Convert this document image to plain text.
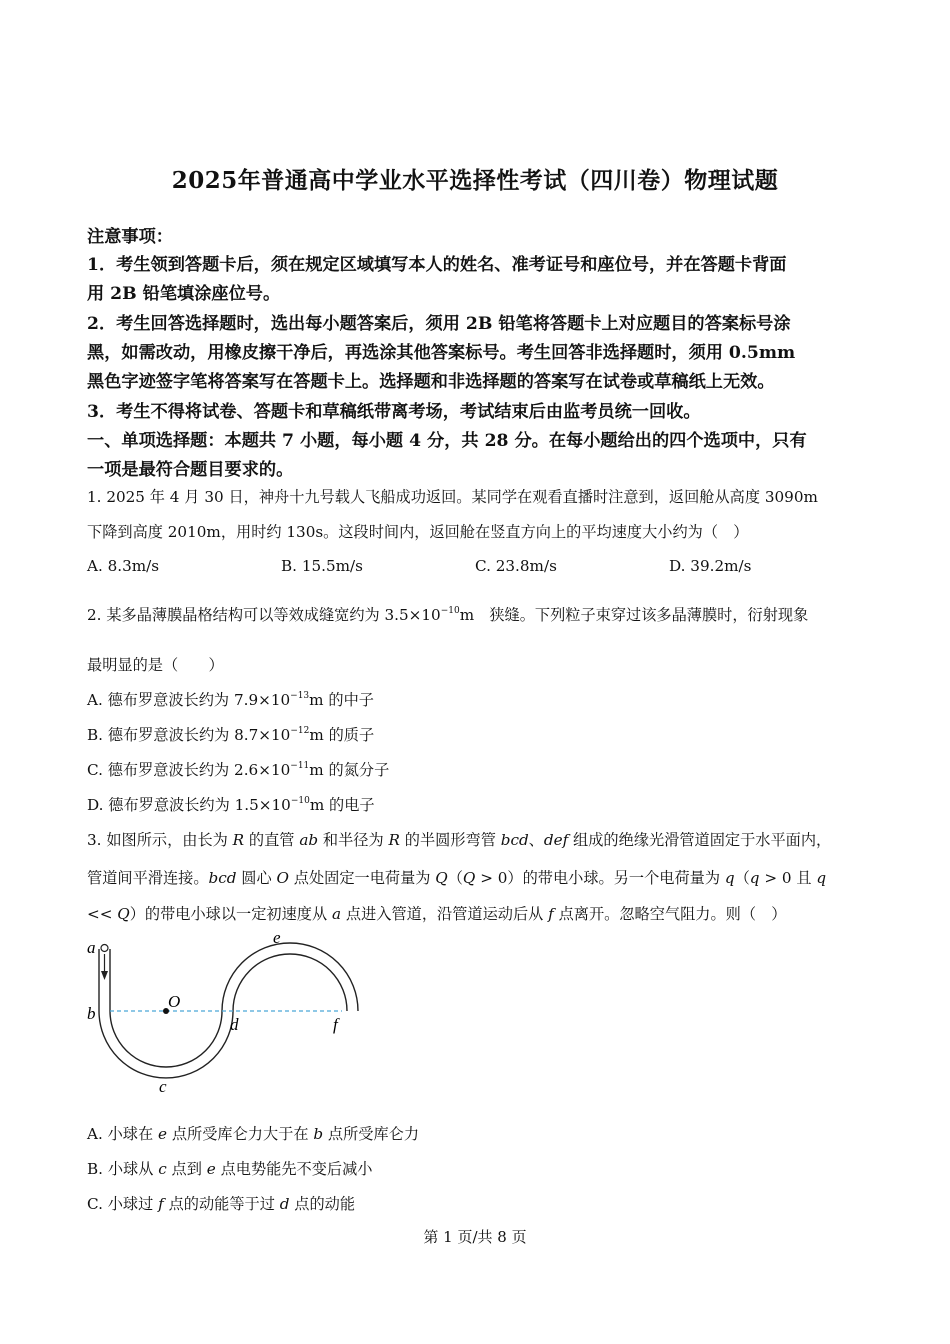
2025年普通高中学业水平选择性考试（四川卷）物理试题
注意事项：
1．考生领到答题卡后，须在规定区域填写本人的姓名、准考证号和座位号，并在答题卡背面
用 2B 铅笔填涂座位号。
2．考生回答选择题时，选出每小题答案后，须用 2B 铅笔将答题卡上对应题目的答案标号涂
黑，如需改动，用橡皮擦干净后，再选涂其他答案标号。考生回答非选择题时，须用 0.5mm
黑色字迹签字笔将答案写在答题卡上。选择题和非选择题的答案写在试卷或草稿纸上无效。
3．考生不得将试卷、答题卡和草稿纸带离考场，考试结束后由监考员统一回收。
一、单项选择题：本题共 7 小题，每小题 4 分，共 28 分。在每小题给出的四个选项中，只有
一项是最符合题目要求的。
1. 2025 年 4 月 30 日，神舟十九号载人飞船成功返回。某同学在观看直播时注意到，返回舱从高度 3090m
下降到高度 2010m，用时约 130s。这段时间内，返回舱在竖直方向上的平均速度大小约为（　）
A. 8.3m/s	B. 15.5m/s	C. 23.8m/s	D. 39.2m/s
2. 某多晶薄膜晶格结构可以等效成缝宽约为 $3.5\times 10^{-10}m$　狭缝。下列粒子束穿过该多晶薄膜时，衍射现象
最明显的是（　　）
A. 德布罗意波长约为 $7.9\times 10^{-13}m$ 的中子
B. 德布罗意波长约为 $8.7\times 10^{-12}m$ 的质子
C. 德布罗意波长约为 $2.6\times 10^{-11}m$ 的氮分子
D. 德布罗意波长约为 $1.5\times 10^{-10}m$ 的电子
3. 如图所示，由长为 R 的直管 ab 和半径为 R 的半圆形弯管 bcd、def 组成的绝缘光滑管道固定于水平面内，
管道间平滑连接。bcd 圆心 O 点处固定一电荷量为 Q（Q > 0）的带电小球。另一个电荷量为 q（q > 0 且 q
<< Q）的带电小球以一定初速度从 a 点进入管道，沿管道运动后从 f 点离开。忽略空气阻力。则（　）
a
b
O
d
e
f
c
A. 小球在 e 点所受库仑力大于在 b 点所受库仑力
B. 小球从 c 点到 e 点电势能先不变后减小
C. 小球过 f 点的动能等于过 d 点的动能
第 1 页/共 8 页
